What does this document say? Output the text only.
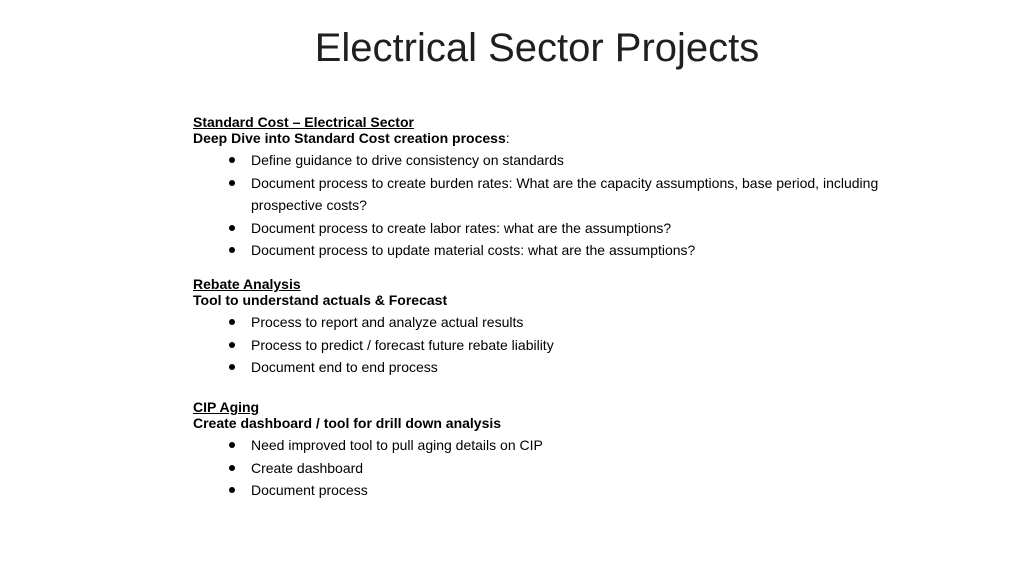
Electrical Sector Projects
Standard Cost – Electrical Sector
Deep Dive into Standard Cost creation process:
Define guidance to drive consistency on standards
Document process to create burden rates: What are the capacity assumptions, base period, including prospective costs?
Document process to create labor rates: what are the assumptions?
Document process to update material costs: what are the assumptions?
Rebate Analysis
Tool to understand actuals & Forecast
Process to report and analyze actual results
Process to predict / forecast future rebate liability
Document end to end process
CIP Aging
Create dashboard / tool for drill down analysis
Need improved tool to pull aging details on CIP
Create dashboard
Document process
